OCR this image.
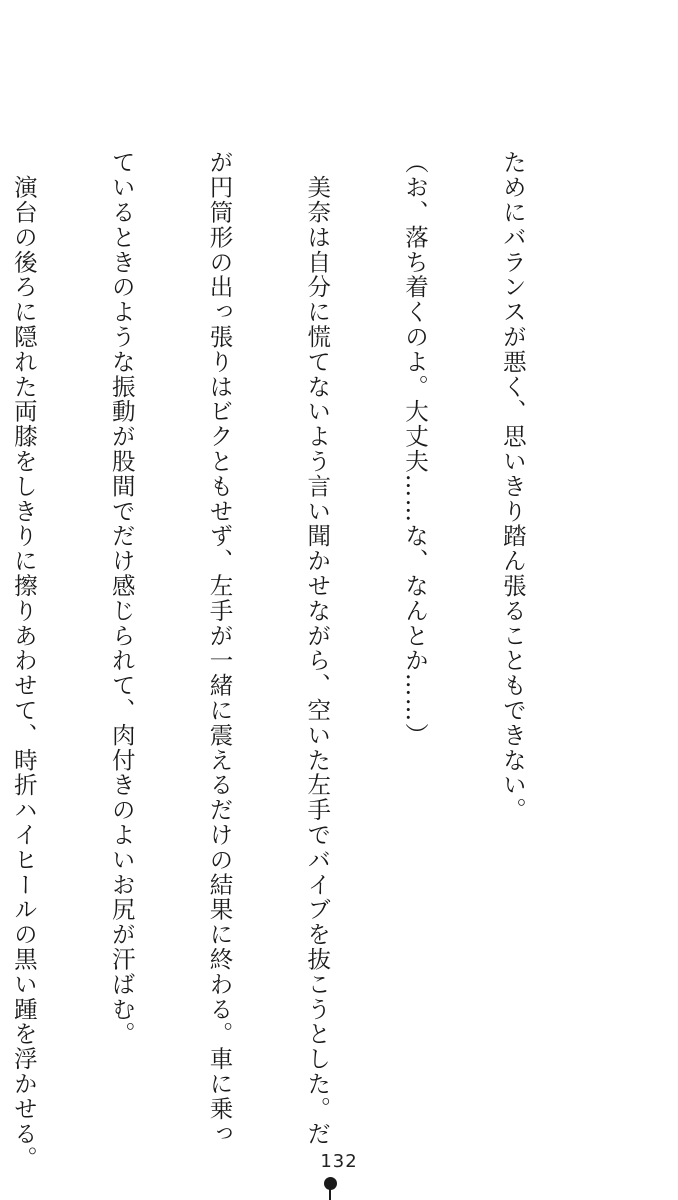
ためにバランスが悪く、思いきり踏ん張ることもできない。

（お、落ち着くのよ。大丈夫……な、なんとか……）

　美奈は自分に慌てないよう言い聞かせながら、空いた左手でバイブを抜こうとした。だ

が円筒形の出っ張りはビクともせず、左手が一緒に震えるだけの結果に終わる。車に乗っ

ているときのような振動が股間でだけ感じられて、肉付きのよいお尻が汗ばむ。

　演台の後ろに隠れた両膝をしきりに擦りあわせて、時折ハイヒールの黒い踵を浮かせる。

	132
